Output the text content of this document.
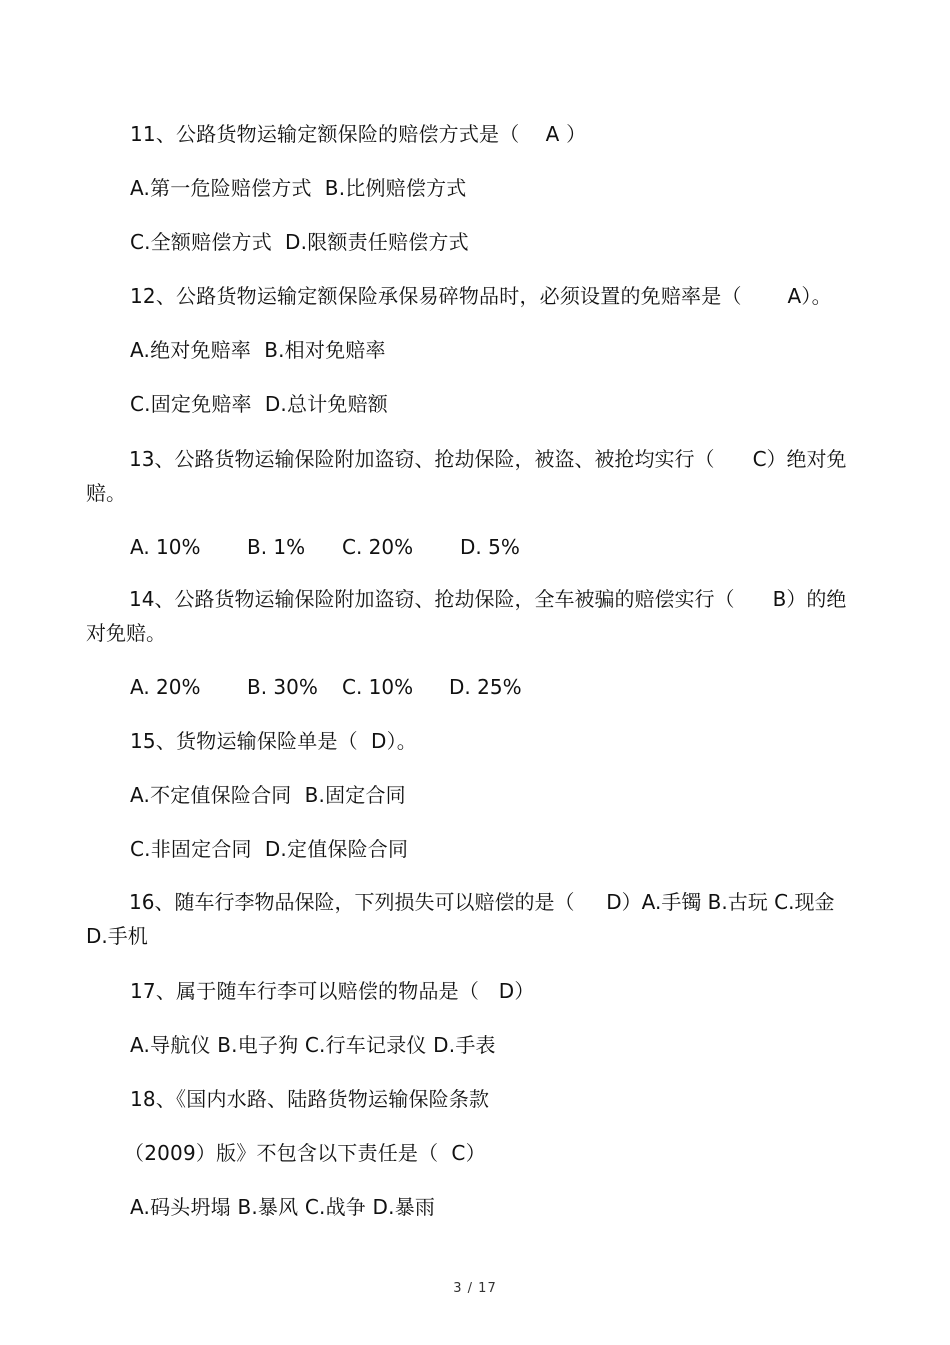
11、公路货物运输定额保险的赔偿方式是（    A ）
A.第一危险赔偿方式  B.比例赔偿方式
C.全额赔偿方式  D.限额责任赔偿方式
12、公路货物运输定额保险承保易碎物品时，必须设置的免赔率是（       A）。
A.绝对免赔率  B.相对免赔率
C.固定免赔率  D.总计免赔额
13、公路货物运输保险附加盗窃、抢劫保险，被盗、被抢均实行（      C）绝对免赔。
A. 10% B. 1% C. 20% D. 5%
14、公路货物运输保险附加盗窃、抢劫保险，全车被骗的赔偿实行（      B）的绝对免赔。
A. 20% B. 30% C. 10% D. 25%
15、货物运输保险单是（  D）。
A.不定值保险合同  B.固定合同
C.非固定合同  D.定值保险合同
16、随车行李物品保险，下列损失可以赔偿的是（     D）A.手镯 B.古玩 C.现金 D.手机
17、属于随车行李可以赔偿的物品是（   D）
A.导航仪 B.电子狗 C.行车记录仪 D.手表
18、《国内水路、陆路货物运输保险条款
（2009）版》不包含以下责任是（  C）
A.码头坍塌 B.暴风 C.战争 D.暴雨
3 / 17
